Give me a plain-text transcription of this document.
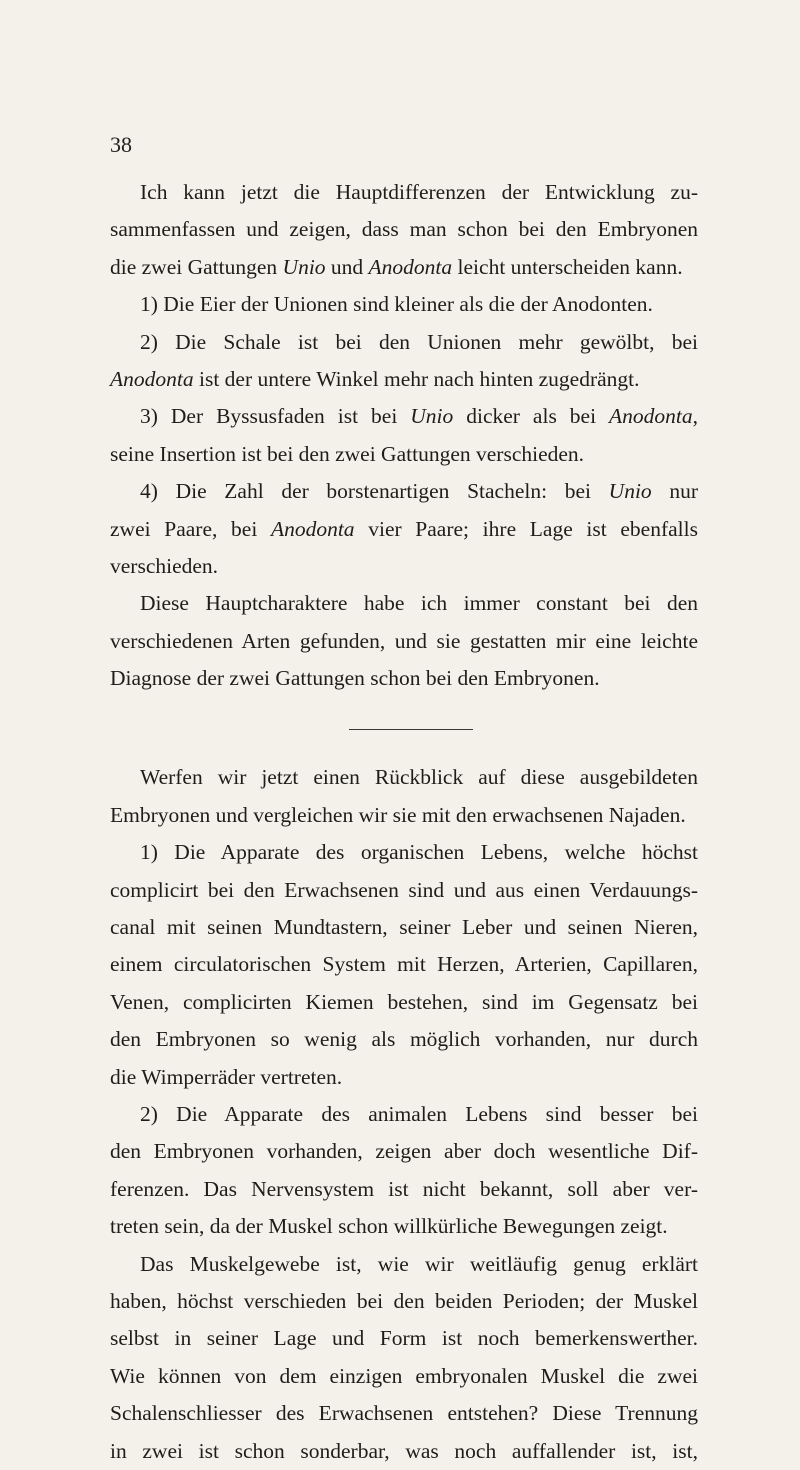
38
Ich kann jetzt die Hauptdifferenzen der Entwicklung zu-
sammenfassen und zeigen, dass man schon bei den Embryonen
die zwei Gattungen Unio und Anodonta leicht unterscheiden kann.
1) Die Eier der Unionen sind kleiner als die der Anodonten.
2) Die Schale ist bei den Unionen mehr gewölbt, bei
Anodonta ist der untere Winkel mehr nach hinten zugedrängt.
3) Der Byssusfaden ist bei Unio dicker als bei Anodonta,
seine Insertion ist bei den zwei Gattungen verschieden.
4) Die Zahl der borstenartigen Stacheln: bei Unio nur
zwei Paare, bei Anodonta vier Paare; ihre Lage ist ebenfalls
verschieden.
Diese Hauptcharaktere habe ich immer constant bei den
verschiedenen Arten gefunden, und sie gestatten mir eine leichte
Diagnose der zwei Gattungen schon bei den Embryonen.
Werfen wir jetzt einen Rückblick auf diese ausgebildeten
Embryonen und vergleichen wir sie mit den erwachsenen Najaden.
1) Die Apparate des organischen Lebens, welche höchst
complicirt bei den Erwachsenen sind und aus einen Verdauungs-
canal mit seinen Mundtastern, seiner Leber und seinen Nieren,
einem circulatorischen System mit Herzen, Arterien, Capillaren,
Venen, complicirten Kiemen bestehen, sind im Gegensatz bei
den Embryonen so wenig als möglich vorhanden, nur durch
die Wimperräder vertreten.
2) Die Apparate des animalen Lebens sind besser bei
den Embryonen vorhanden, zeigen aber doch wesentliche Dif-
ferenzen. Das Nervensystem ist nicht bekannt, soll aber ver-
treten sein, da der Muskel schon willkürliche Bewegungen zeigt.
Das Muskelgewebe ist, wie wir weitläufig genug erklärt
haben, höchst verschieden bei den beiden Perioden; der Muskel
selbst in seiner Lage und Form ist noch bemerkenswerther.
Wie können von dem einzigen embryonalen Muskel die zwei
Schalenschliesser des Erwachsenen entstehen? Diese Trennung
in zwei ist schon sonderbar, was noch auffallender ist, ist,
